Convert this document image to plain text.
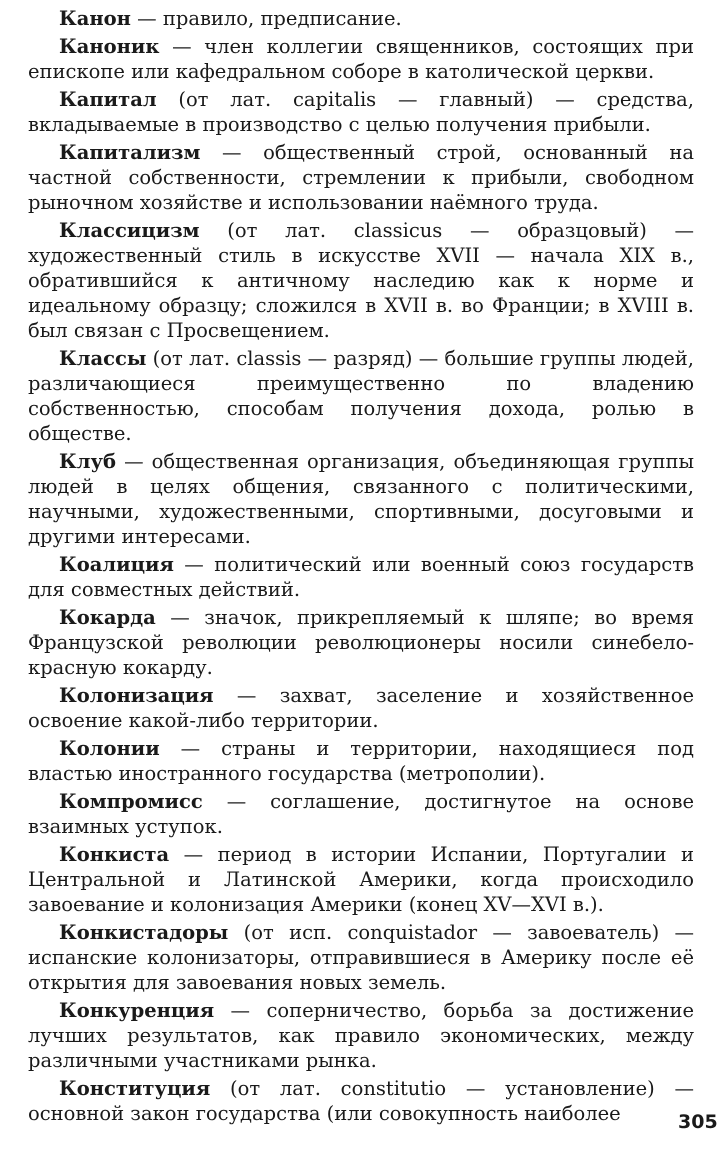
Канон — правило, предписание.

Каноник — член коллегии священников, состоящих при епископе или кафедральном соборе в католической церкви.

Капитал (от лат. capitalis — главный) — средства, вкладываемые в производство с целью получения прибыли.

Капитализм — общественный строй, основанный на частной собственности, стремлении к прибыли, свободном рыночном хозяйстве и использовании наёмного труда.

Классицизм (от лат. classicus — образцовый) — художественный стиль в искусстве XVII — начала XIX в., обратившийся к античному наследию как к норме и идеальному образцу; сложился в XVII в. во Франции; в XVIII в. был связан с Просвещением.

Классы (от лат. classis — разряд) — большие группы людей, различающиеся преимущественно по владению собственностью, способам получения дохода, ролью в обществе.

Клуб — общественная организация, объединяющая группы людей в целях общения, связанного с политическими, научными, художественными, спортивными, досуговыми и другими интересами.

Коалиция — политический или военный союз государств для совместных действий.

Кокарда — значок, прикрепляемый к шляпе; во время Французской революции революционеры носили синебело-красную кокарду.

Колонизация — захват, заселение и хозяйственное освоение какой-либо территории.

Колонии — страны и территории, находящиеся под властью иностранного государства (метрополии).

Компромисс — соглашение, достигнутое на основе взаимных уступок.

Конкиста — период в истории Испании, Португалии и Центральной и Латинской Америки, когда происходило завоевание и колонизация Америки (конец XV—XVI в.).

Конкистадоры (от исп. conquistador — завоеватель) — испанские колонизаторы, отправившиеся в Америку после её открытия для завоевания новых земель.

Конкуренция — соперничество, борьба за достижение лучших результатов, как правило экономических, между различными участниками рынка.

Конституция (от лат. constitutio — установление) — основной закон государства (или совокупность наиболее	305
